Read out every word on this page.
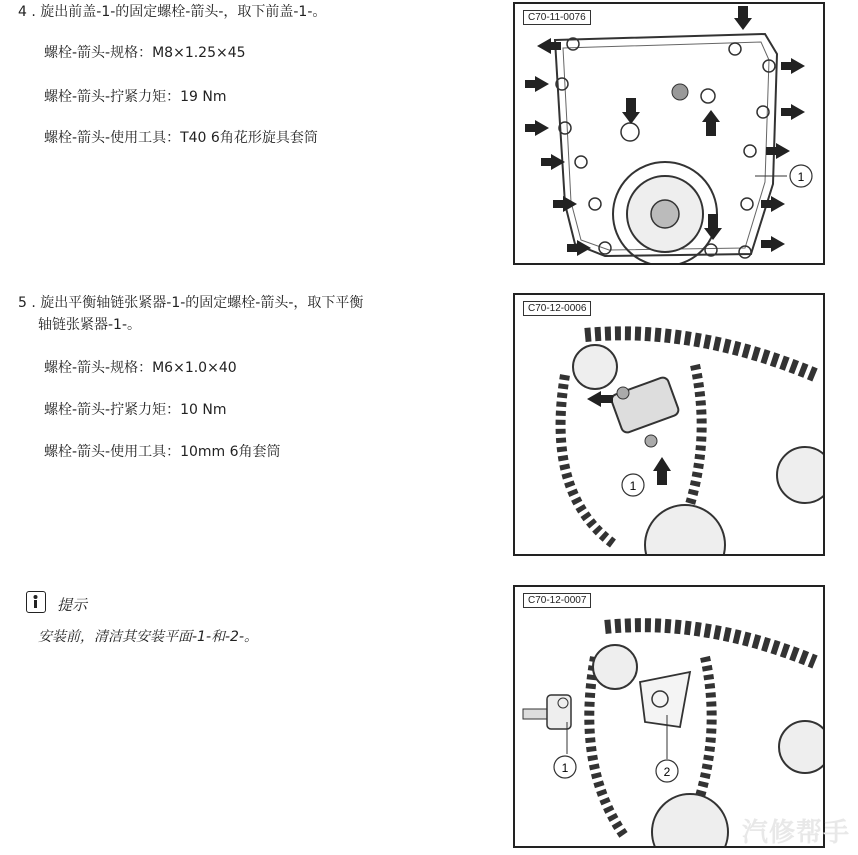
4 . 旋出前盖-1-的固定螺栓-箭头-，取下前盖-1-。
螺栓-箭头-规格：M8×1.25×45
螺栓-箭头-拧紧力矩：19 Nm
螺栓-箭头-使用工具：T40 6角花形旋具套筒
C70-11-0076
1
5 . 旋出平衡轴链张紧器-1-的固定螺栓-箭头-，取下平衡
轴链张紧器-1-。
螺栓-箭头-规格：M6×1.0×40
螺栓-箭头-拧紧力矩：10 Nm
螺栓-箭头-使用工具：10mm 6角套筒
C70-12-0006
1
提示
安装前，清洁其安装平面-1-和-2-。
C70-12-0007
1	2
汽修帮手
